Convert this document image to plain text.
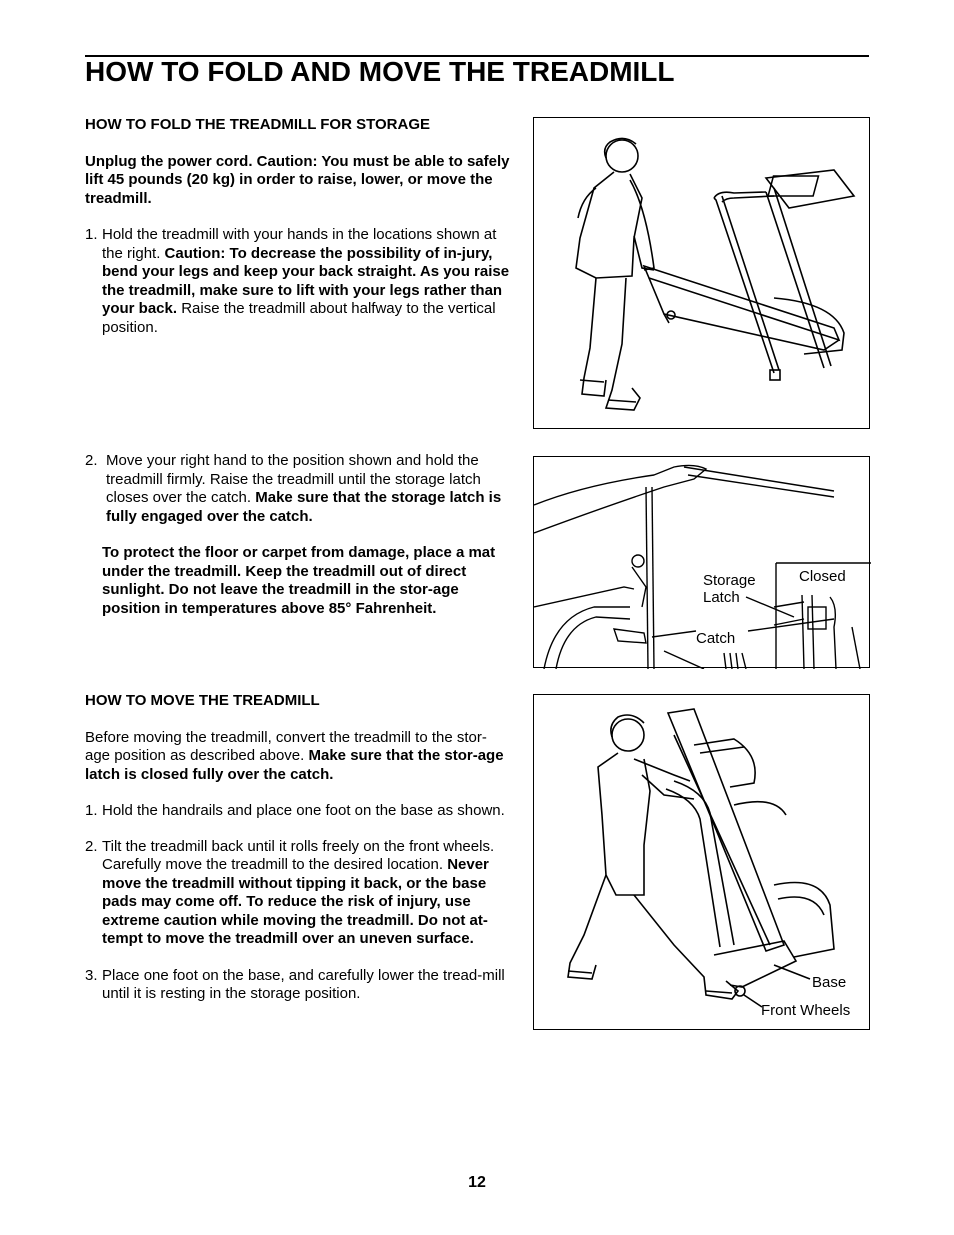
HOW TO FOLD AND MOVE THE TREADMILL

HOW TO FOLD THE TREADMILL FOR STORAGE

Unplug the power cord. Caution: You must be able to safely lift 45 pounds (20 kg) in order to raise, lower, or move the treadmill.

1. Hold the treadmill with your hands in the locations shown at the right. Caution: To decrease the possibility of in-jury, bend your legs and keep your back straight. As you raise the treadmill, make sure to lift with your legs rather than your back. Raise the treadmill about halfway to the vertical position.
2. Move your right hand to the position shown and hold the treadmill firmly. Raise the treadmill until the storage latch closes over the catch. Make sure that the storage latch is fully engaged over the catch.

To protect the floor or carpet from damage, place a mat under the treadmill. Keep the treadmill out of direct sunlight. Do not leave the treadmill in the stor-age position in temperatures above 85° Fahrenheit.

HOW TO MOVE THE TREADMILL

Before moving the treadmill, convert the treadmill to the stor-age position as described above. Make sure that the stor-age latch is closed fully over the catch.

1. Hold the handrails and place one foot on the base as shown.
2. Tilt the treadmill back until it rolls freely on the front wheels. Carefully move the treadmill to the desired location. Never move the treadmill without tipping it back, or the base pads may come off. To reduce the risk of injury, use extreme caution while moving the treadmill. Do not at-tempt to move the treadmill over an uneven surface.
3. Place one foot on the base, and carefully lower the tread-mill until it is resting in the storage position.
Storage
Latch
Catch
Closed
Base
Front Wheels
12
